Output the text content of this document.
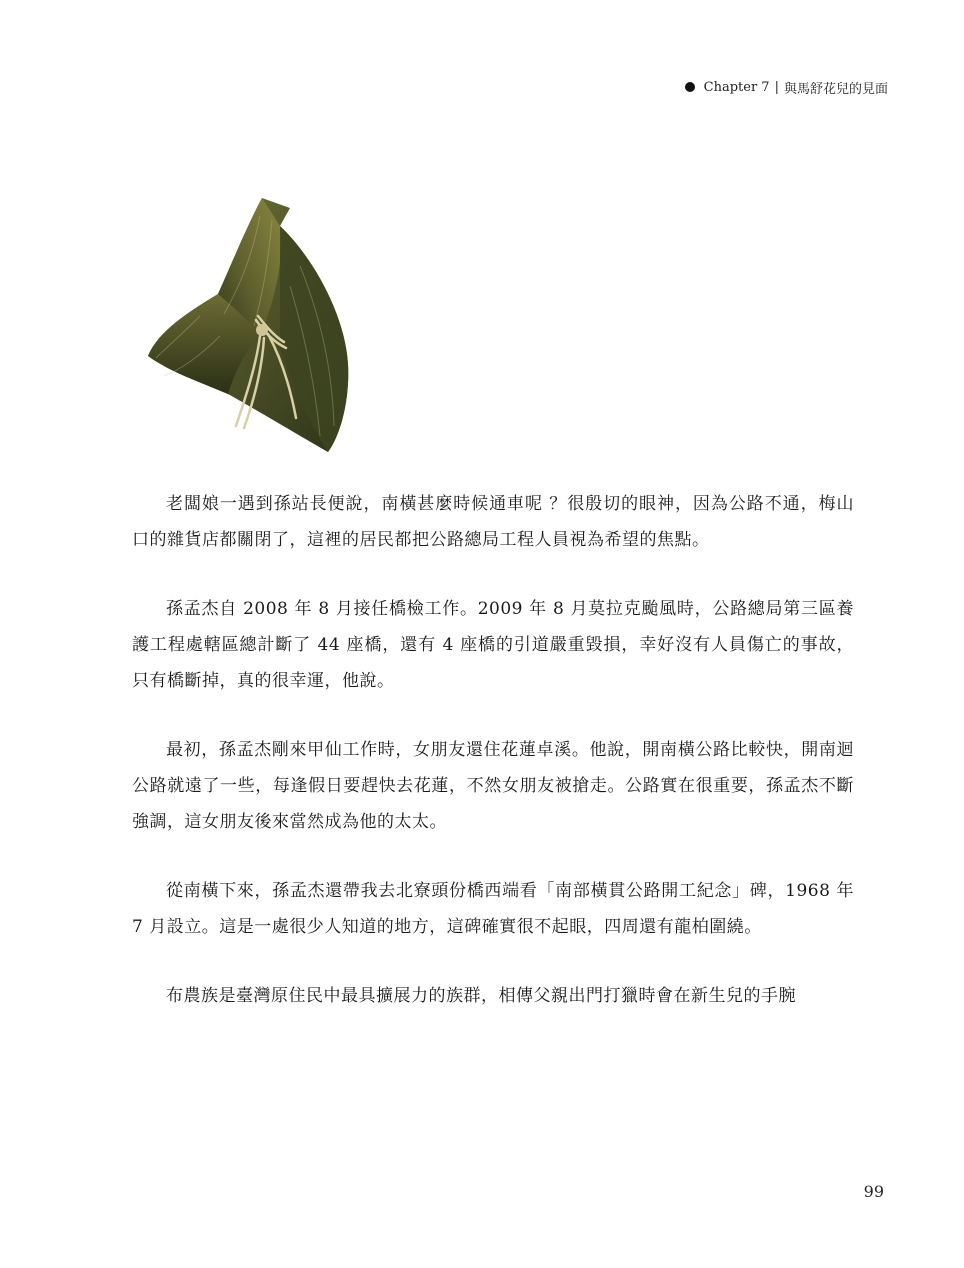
Chapter 7 | 與馬舒花兒的見面

老闆娘一遇到孫站長便說，南橫甚麼時候通車呢 ？很殷切的眼神，因為公路不通，梅山口的雜貨店都關閉了，這裡的居民都把公路總局工程人員視為希望的焦點。

孫孟杰自 2008 年 8 月接任橋檢工作。2009 年 8 月莫拉克颱風時，公路總局第三區養護工程處轄區總計斷了 44 座橋，還有 4 座橋的引道嚴重毀損，幸好沒有人員傷亡的事故，只有橋斷掉，真的很幸運，他說。

最初，孫孟杰剛來甲仙工作時，女朋友還住花蓮卓溪。他說，開南橫公路比較快，開南迴公路就遠了一些，每逢假日要趕快去花蓮，不然女朋友被搶走。公路實在很重要，孫孟杰不斷強調，這女朋友後來當然成為他的太太。

從南橫下來，孫孟杰還帶我去北寮頭份橋西端看「南部橫貫公路開工紀念」碑，1968 年 7 月設立。這是一處很少人知道的地方，這碑確實很不起眼，四周還有龍柏圍繞。

布農族是臺灣原住民中最具擴展力的族群，相傳父親出門打獵時會在新生兒的手腕

99
